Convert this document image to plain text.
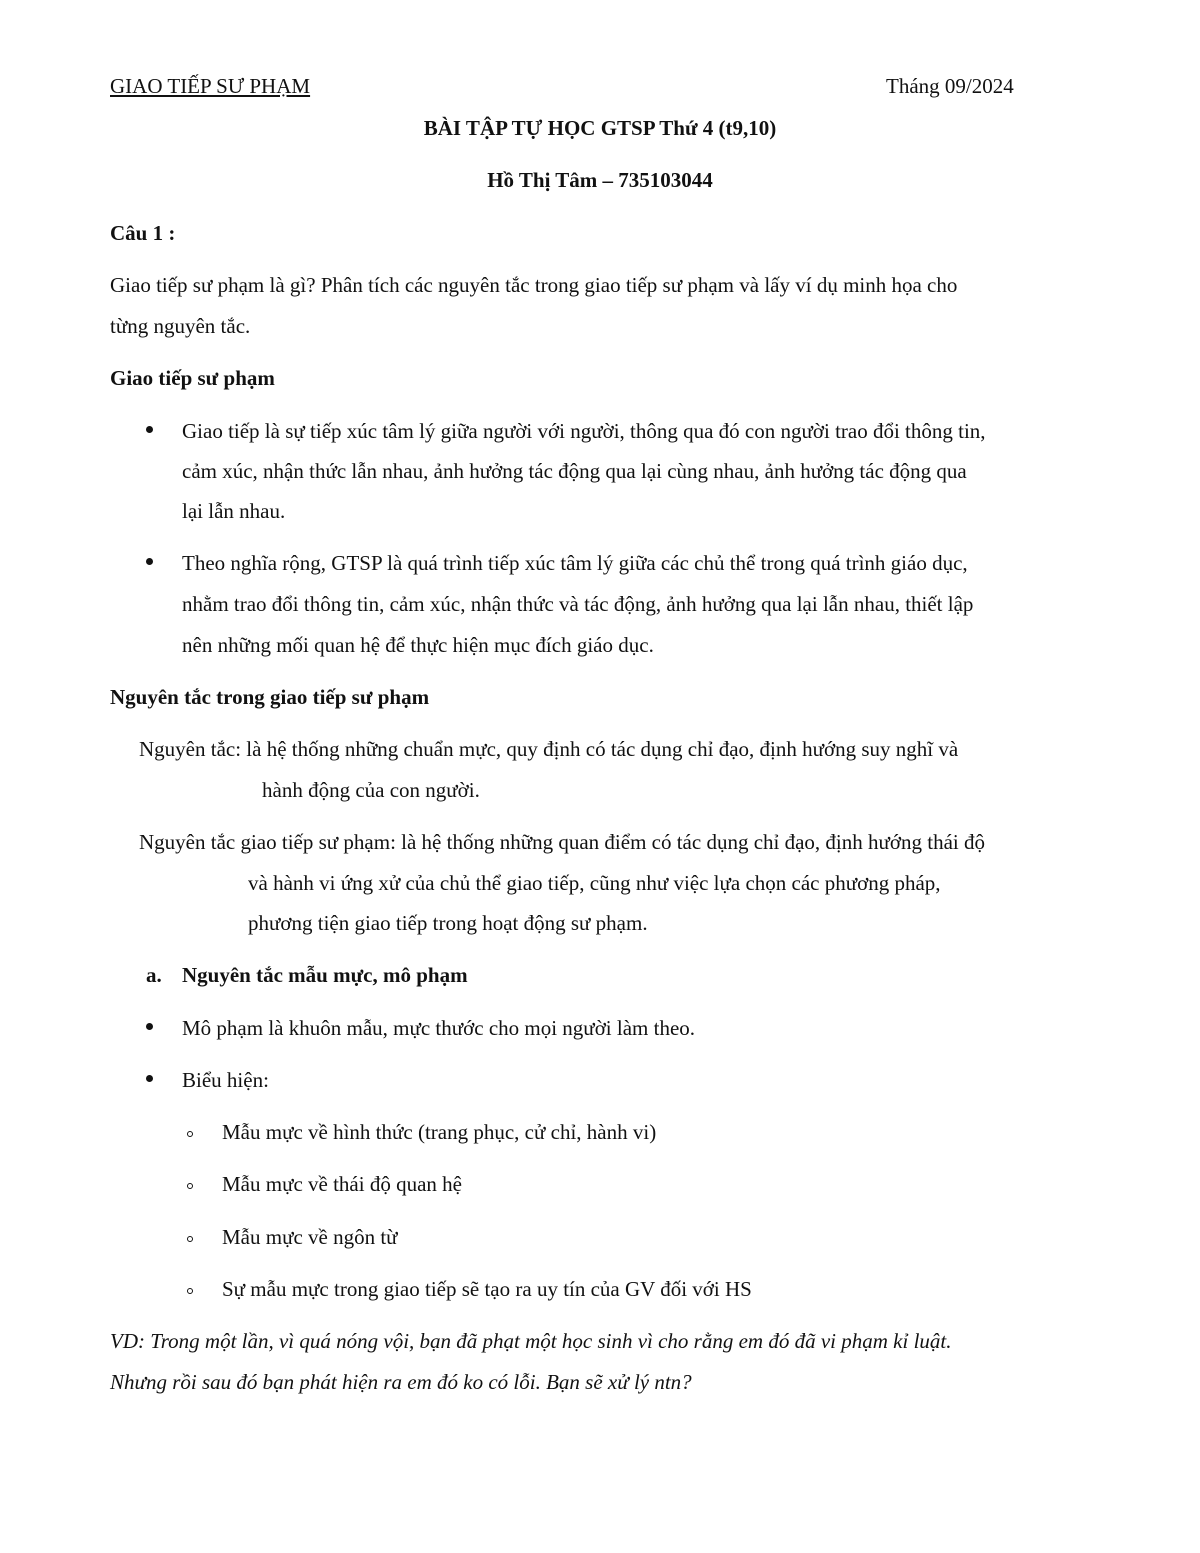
GIAO TIẾP SƯ PHẠM	Tháng 09/2024
BÀI TẬP TỰ HỌC GTSP Thứ 4 (t9,10)
Hồ Thị Tâm – 735103044
Câu 1 :
Giao tiếp sư phạm là gì? Phân tích các nguyên tắc trong giao tiếp sư phạm và lấy ví dụ minh họa cho
từng nguyên tắc.
Giao tiếp sư phạm
Giao tiếp là sự tiếp xúc tâm lý giữa người với người, thông qua đó con người trao đổi thông tin,
cảm xúc, nhận thức lẫn nhau, ảnh hưởng tác động qua lại cùng nhau, ảnh hưởng tác động qua
lại lẫn nhau.
Theo nghĩa rộng, GTSP là quá trình tiếp xúc tâm lý giữa các chủ thể trong quá trình giáo dục,
nhằm trao đổi thông tin, cảm xúc, nhận thức và tác động, ảnh hưởng qua lại lẫn nhau, thiết lập
nên những mối quan hệ để thực hiện mục đích giáo dục.
Nguyên tắc trong giao tiếp sư phạm
Nguyên tắc: là hệ thống những chuẩn mực, quy định có tác dụng chỉ đạo, định hướng suy nghĩ và
hành động của con người.
Nguyên tắc giao tiếp sư phạm: là hệ thống những quan điểm có tác dụng chỉ đạo, định hướng thái độ
và hành vi ứng xử của chủ thể giao tiếp, cũng như việc lựa chọn các phương pháp,
phương tiện giao tiếp trong hoạt động sư phạm.
a. Nguyên tắc mẫu mực, mô phạm
Mô phạm là khuôn mẫu, mực thước cho mọi người làm theo.
Biểu hiện:
Mẫu mực về hình thức (trang phục, cử chỉ, hành vi)
Mẫu mực về thái độ quan hệ
Mẫu mực về ngôn từ
Sự mẫu mực trong giao tiếp sẽ tạo ra uy tín của GV đối với HS
VD: Trong một lần, vì quá nóng vội, bạn đã phạt một học sinh vì cho rằng em đó đã vi phạm kỉ luật.
Nhưng rồi sau đó bạn phát hiện ra em đó ko có lỗi. Bạn sẽ xử lý ntn?
